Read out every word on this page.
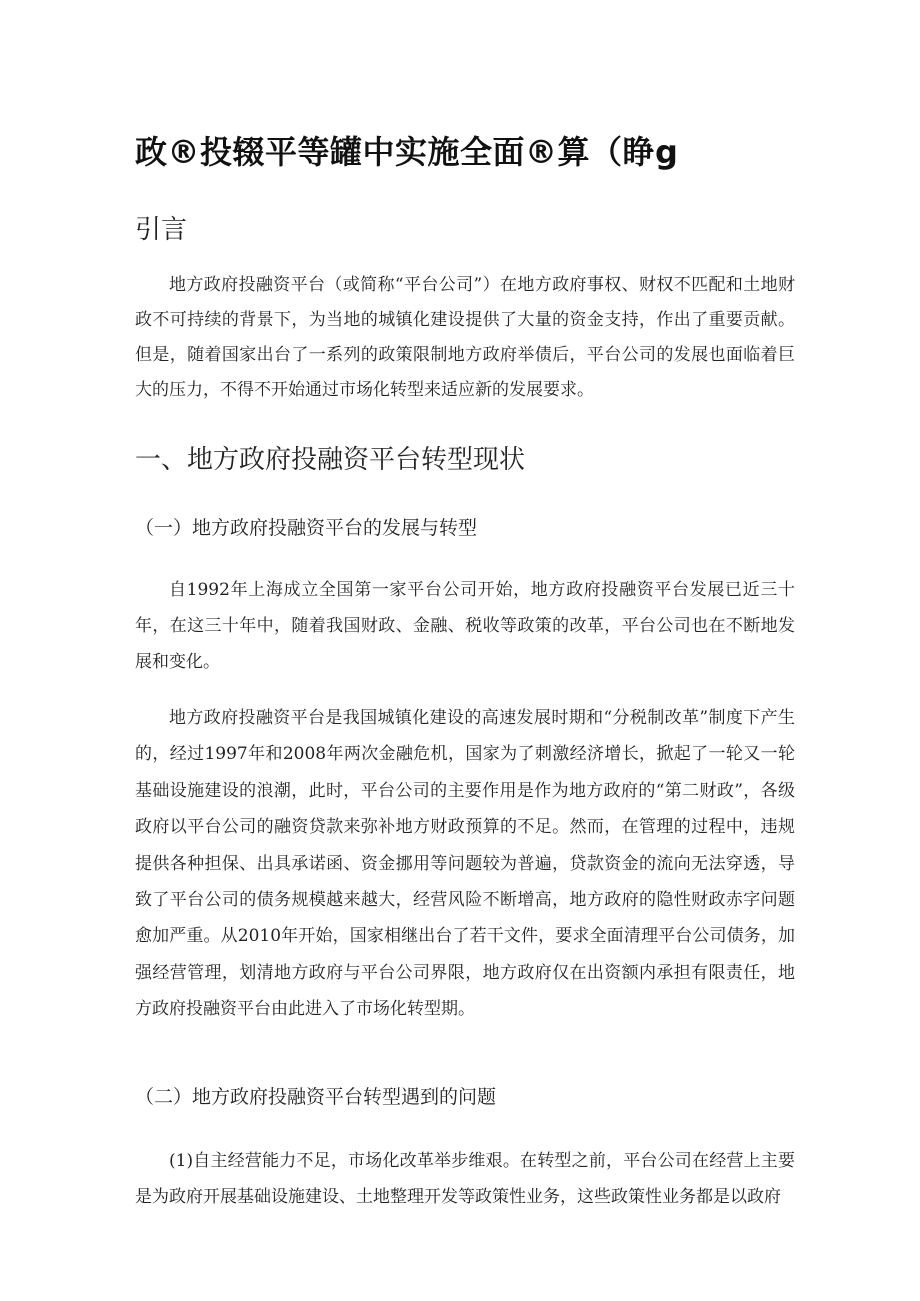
政®投辍平等罐中实施全面®算（睁g
引言

地方政府投融资平台（或简称“平台公司”）在地方政府事权、财权不匹配和土地财政不可持续的背景下，为当地的城镇化建设提供了大量的资金支持，作出了重要贡献。但是，随着国家出台了一系列的政策限制地方政府举债后，平台公司的发展也面临着巨大的压力，不得不开始通过市场化转型来适应新的发展要求。

一、地方政府投融资平台转型现状
（一）地方政府投融资平台的发展与转型

自1992年上海成立全国第一家平台公司开始，地方政府投融资平台发展已近三十年，在这三十年中，随着我国财政、金融、税收等政策的改革，平台公司也在不断地发展和变化。

地方政府投融资平台是我国城镇化建设的高速发展时期和“分税制改革”制度下产生的，经过1997年和2008年两次金融危机，国家为了刺激经济增长，掀起了一轮又一轮基础设施建设的浪潮，此时，平台公司的主要作用是作为地方政府的“第二财政”，各级政府以平台公司的融资贷款来弥补地方财政预算的不足。然而，在管理的过程中，违规提供各种担保、出具承诺函、资金挪用等问题较为普遍，贷款资金的流向无法穿透，导致了平台公司的债务规模越来越大，经营风险不断增高，地方政府的隐性财政赤字问题愈加严重。从2010年开始，国家相继出台了若干文件，要求全面清理平台公司债务，加强经营管理，划清地方政府与平台公司界限，地方政府仅在出资额内承担有限责任，地方政府投融资平台由此进入了市场化转型期。

（二）地方政府投融资平台转型遇到的问题

(1)自主经营能力不足，市场化改革举步维艰。在转型之前，平台公司在经营上主要是为政府开展基础设施建设、土地整理开发等政策性业务，这些政策性业务都是以政府
